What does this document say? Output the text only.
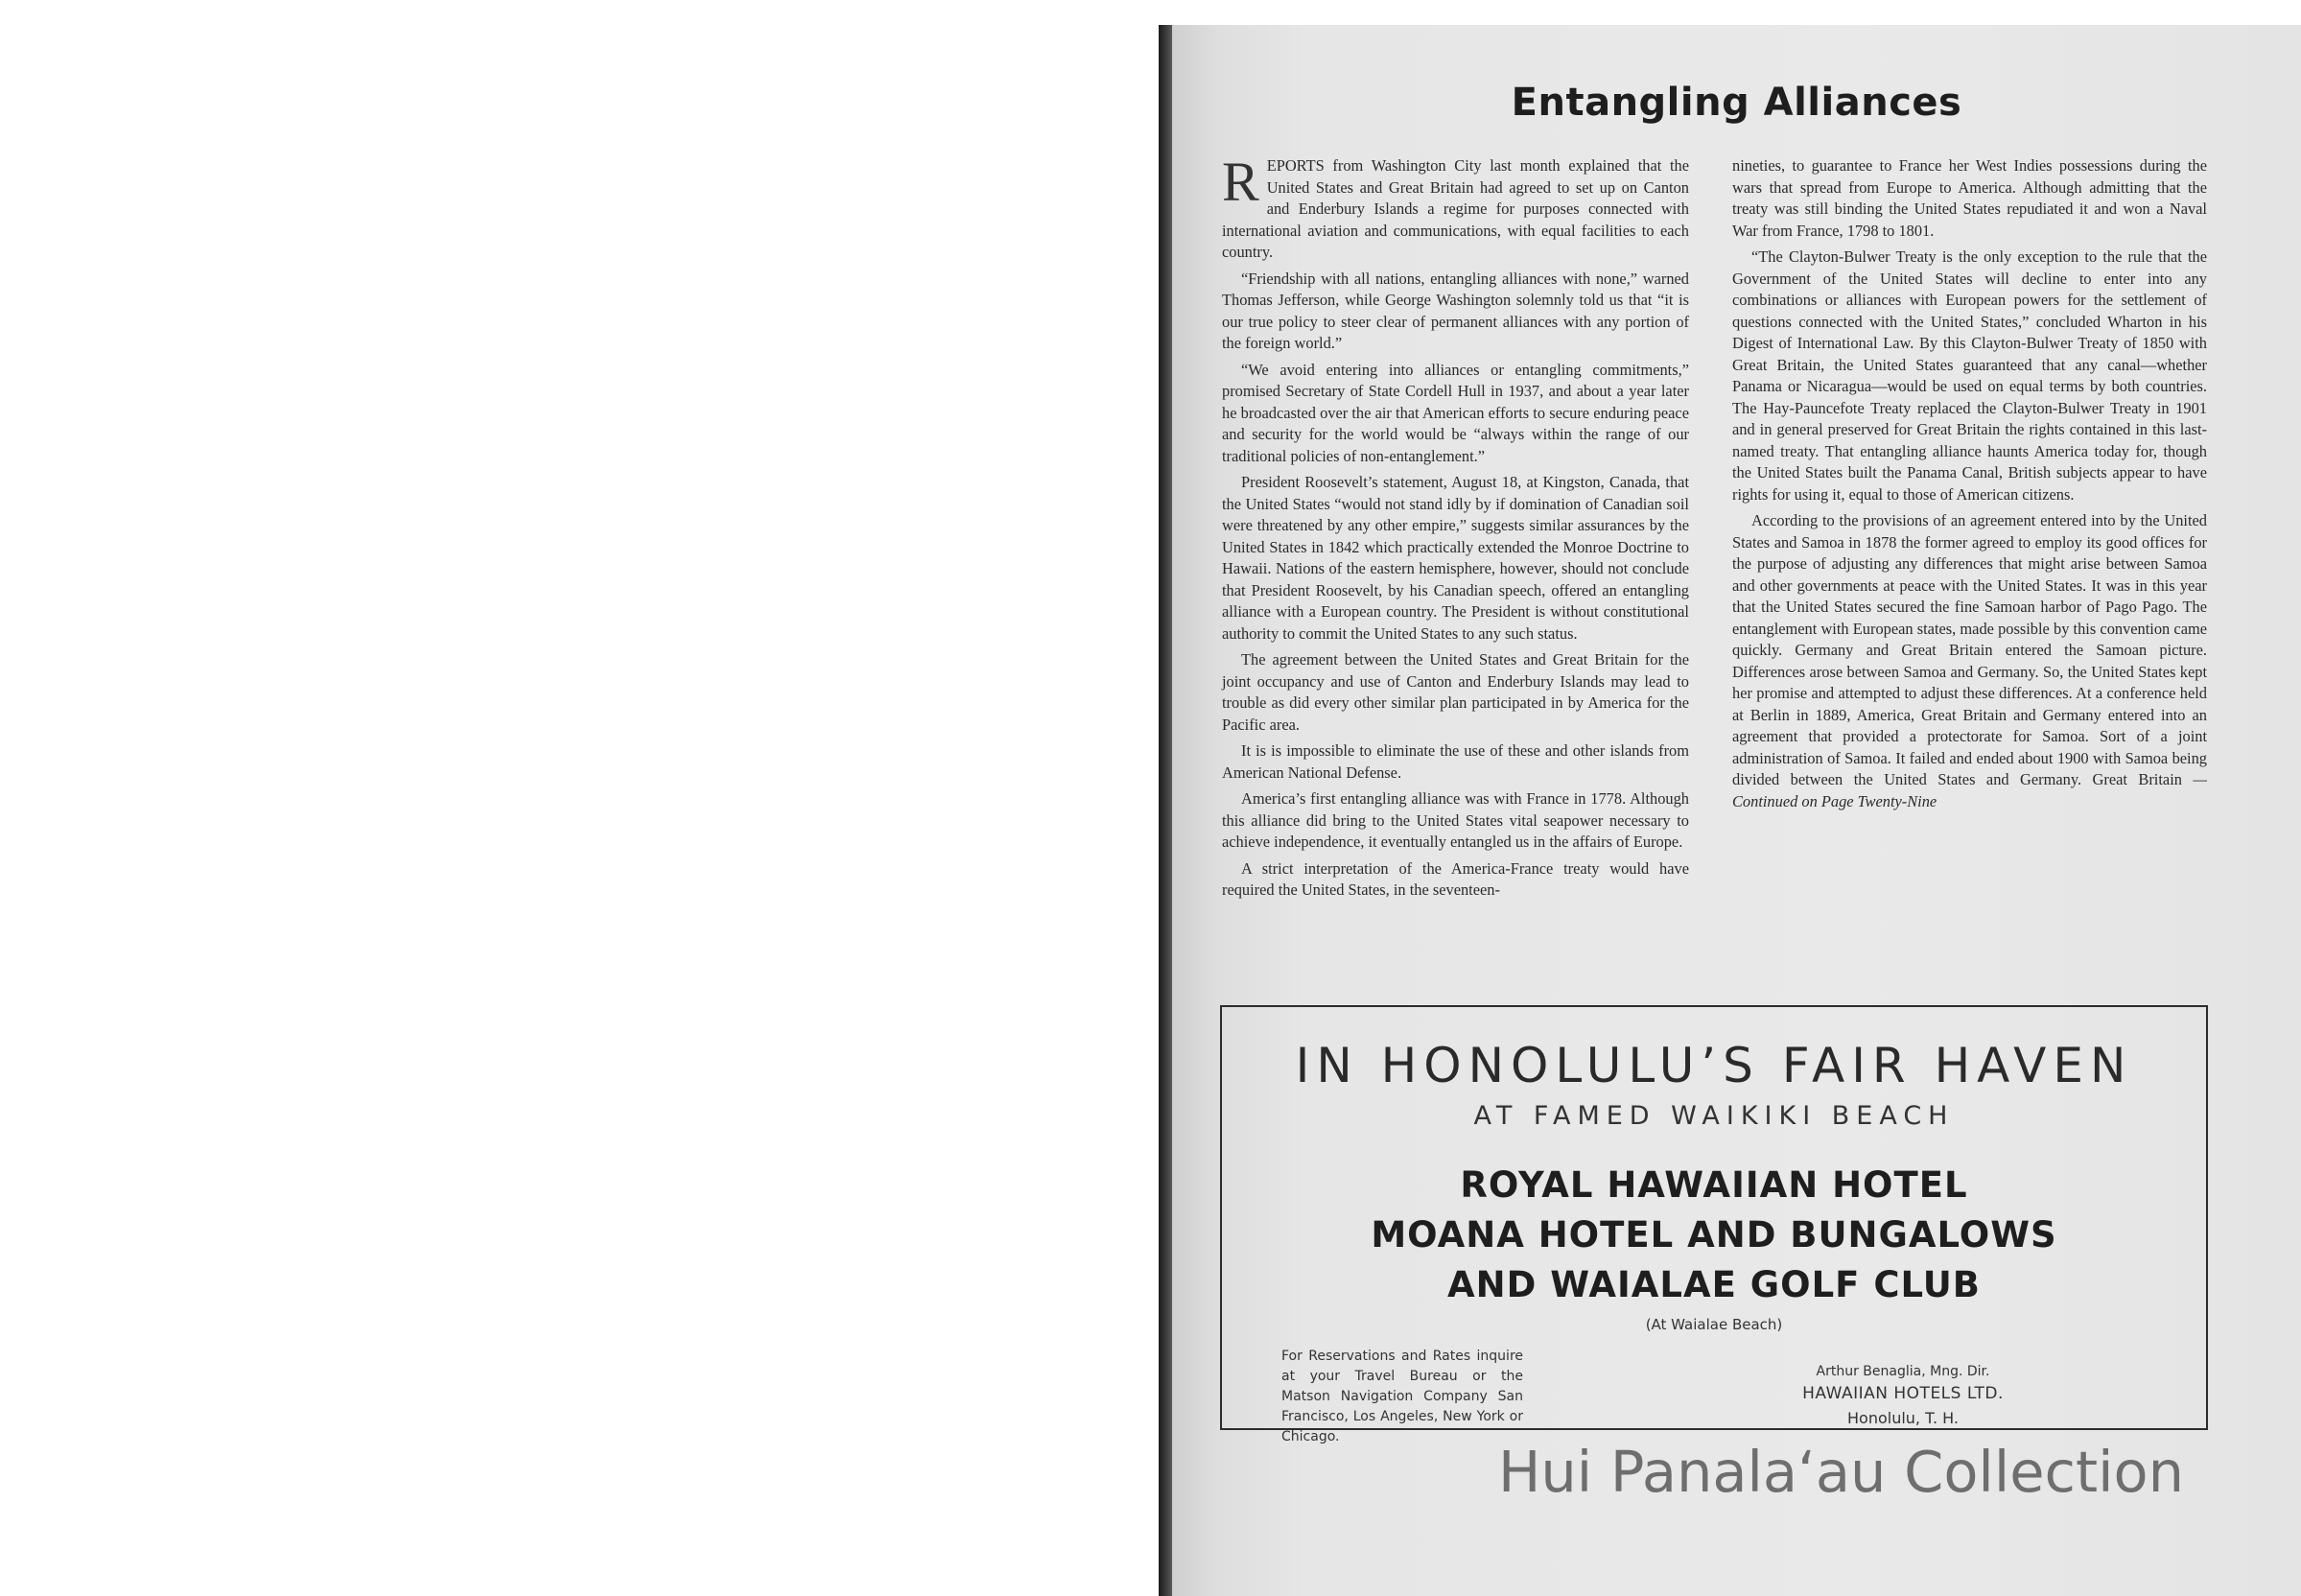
Entangling Alliances

REPORTS from Washington City last month explained that the United States and Great Britain had agreed to set up on Canton and Enderbury Islands a regime for purposes connected with international aviation and communications, with equal facilities to each country.

“Friendship with all nations, entangling alliances with none,” warned Thomas Jefferson, while George Washington solemnly told us that “it is our true policy to steer clear of permanent alliances with any portion of the foreign world.”

“We avoid entering into alliances or entangling commitments,” promised Secretary of State Cordell Hull in 1937, and about a year later he broadcasted over the air that American efforts to secure enduring peace and security for the world would be “always within the range of our traditional policies of non-entanglement.”

President Roosevelt’s statement, August 18, at Kingston, Canada, that the United States “would not stand idly by if domination of Canadian soil were threatened by any other empire,” suggests similar assurances by the United States in 1842 which practically extended the Monroe Doctrine to Hawaii. Nations of the eastern hemisphere, however, should not conclude that President Roosevelt, by his Canadian speech, offered an entangling alliance with a European country. The President is without constitutional authority to commit the United States to any such status.

The agreement between the United States and Great Britain for the joint occupancy and use of Canton and Enderbury Islands may lead to trouble as did every other similar plan participated in by America for the Pacific area.

It is is impossible to eliminate the use of these and other islands from American National Defense.

America’s first entangling alliance was with France in 1778. Although this alliance did bring to the United States vital seapower necessary to achieve independence, it eventually entangled us in the affairs of Europe.

A strict interpretation of the America-France treaty would have required the United States, in the seventeen-

nineties, to guarantee to France her West Indies possessions during the wars that spread from Europe to America. Although admitting that the treaty was still binding the United States repudiated it and won a Naval War from France, 1798 to 1801.

“The Clayton-Bulwer Treaty is the only exception to the rule that the Government of the United States will decline to enter into any combinations or alliances with European powers for the settlement of questions connected with the United States,” concluded Wharton in his Digest of International Law. By this Clayton-Bulwer Treaty of 1850 with Great Britain, the United States guaranteed that any canal—whether Panama or Nicaragua—would be used on equal terms by both countries. The Hay-Pauncefote Treaty replaced the Clayton-Bulwer Treaty in 1901 and in general preserved for Great Britain the rights contained in this last-named treaty. That entangling alliance haunts America today for, though the United States built the Panama Canal, British subjects appear to have rights for using it, equal to those of American citizens.

According to the provisions of an agreement entered into by the United States and Samoa in 1878 the former agreed to employ its good offices for the purpose of adjusting any differences that might arise between Samoa and other governments at peace with the United States. It was in this year that the United States secured the fine Samoan harbor of Pago Pago. The entanglement with European states, made possible by this convention came quickly. Germany and Great Britain entered the Samoan picture. Differences arose between Samoa and Germany. So, the United States kept her promise and attempted to adjust these differences. At a conference held at Berlin in 1889, America, Great Britain and Germany entered into an agreement that provided a protectorate for Samoa. Sort of a joint administration of Samoa. It failed and ended about 1900 with Samoa being divided between the United States and Germany. Great Britain —Continued on Page Twenty-Nine

IN HONOLULU’S FAIR HAVEN
AT FAMED WAIKIKI BEACH
ROYAL HAWAIIAN HOTEL
MOANA HOTEL AND BUNGALOWS
AND WAIALAE GOLF CLUB
(At Waialae Beach)
For Reservations and Rates inquire at your Travel Bureau or the Matson Navigation Company San Francisco, Los Angeles, New York or Chicago.
Arthur Benaglia, Mng. Dir.
HAWAIIAN HOTELS LTD.
Honolulu, T. H.
Hui Panala‘au Collection
